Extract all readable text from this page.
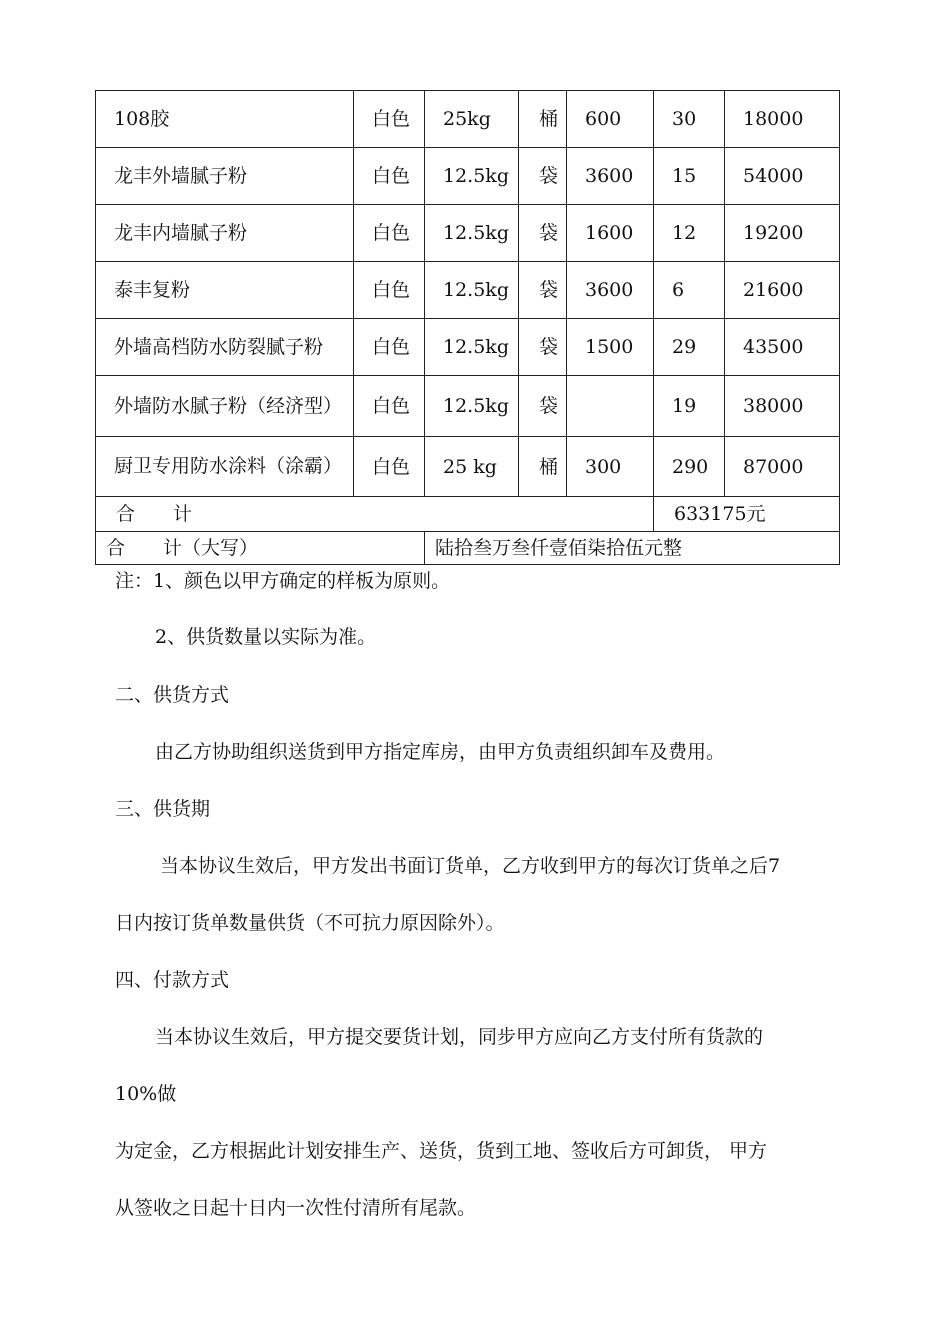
108胶	白色	25kg	桶	600	30	18000
龙丰外墙腻子粉	白色	12.5kg	袋	3600	15	54000
龙丰内墙腻子粉	白色	12.5kg	袋	1600	12	19200
泰丰复粉	白色	12.5kg	袋	3600	6	21600
外墙高档防水防裂腻子粉	白色	12.5kg	袋	1500	29	43500
外墙防水腻子粉（经济型）	白色	12.5kg	袋		19	38000
厨卫专用防水涂料（涂霸）	白色	25 kg	桶	300	290	87000
合　　计					633175元	
合　　计（大写）		陆拾叁万叁仟壹佰柒拾伍元整				

注：1、颜色以甲方确定的样板为原则。

2、供货数量以实际为准。

二、供货方式

由乙方协助组织送货到甲方指定库房，由甲方负责组织卸车及费用。

三、供货期

当本协议生效后，甲方发出书面订货单，乙方收到甲方的每次订货单之后7

日内按订货单数量供货（不可抗力原因除外）。

四、付款方式

当本协议生效后，甲方提交要货计划，同步甲方应向乙方支付所有货款的

10%做

为定金，乙方根据此计划安排生产、送货，货到工地、签收后方可卸货， 甲方

从签收之日起十日内一次性付清所有尾款。
